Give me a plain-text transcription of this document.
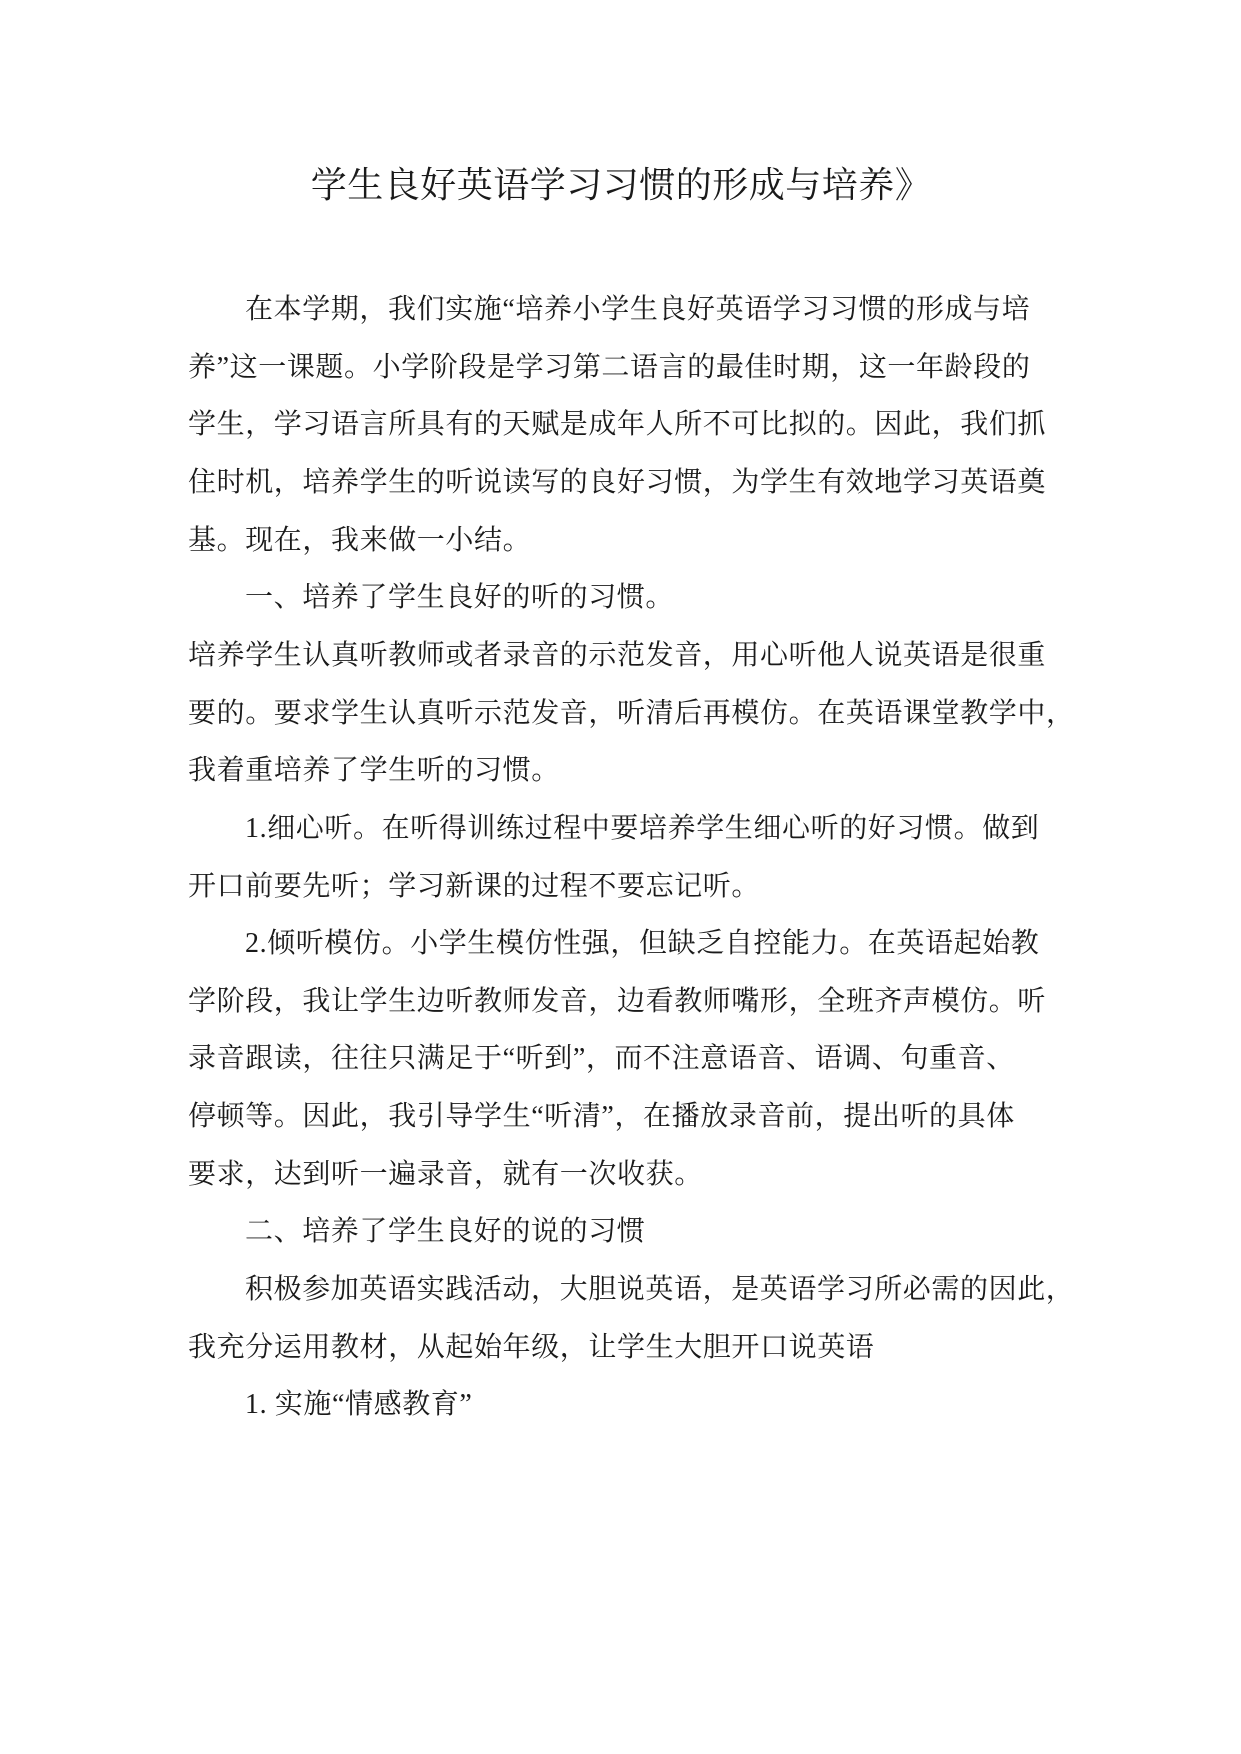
学生良好英语学习习惯的形成与培养》
在本学期，我们实施“培养小学生良好英语学习习惯的形成与培
养”这一课题。小学阶段是学习第二语言的最佳时期，这一年龄段的
学生，学习语言所具有的天赋是成年人所不可比拟的。因此，我们抓
住时机，培养学生的听说读写的良好习惯，为学生有效地学习英语奠
基。现在，我来做一小结。
一、培养了学生良好的听的习惯。
培养学生认真听教师或者录音的示范发音，用心听他人说英语是很重
要的。要求学生认真听示范发音，听清后再模仿。在英语课堂教学中，
我着重培养了学生听的习惯。
1.细心听。在听得训练过程中要培养学生细心听的好习惯。做到
开口前要先听；学习新课的过程不要忘记听。
2.倾听模仿。小学生模仿性强，但缺乏自控能力。在英语起始教
学阶段，我让学生边听教师发音，边看教师嘴形，全班齐声模仿。听
录音跟读，往往只满足于“听到”，而不注意语音、语调、句重音、
停顿等。因此，我引导学生“听清”，在播放录音前，提出听的具体
要求，达到听一遍录音，就有一次收获。
二、培养了学生良好的说的习惯
积极参加英语实践活动，大胆说英语，是英语学习所必需的因此，
我充分运用教材，从起始年级，让学生大胆开口说英语
1. 实施“情感教育”
